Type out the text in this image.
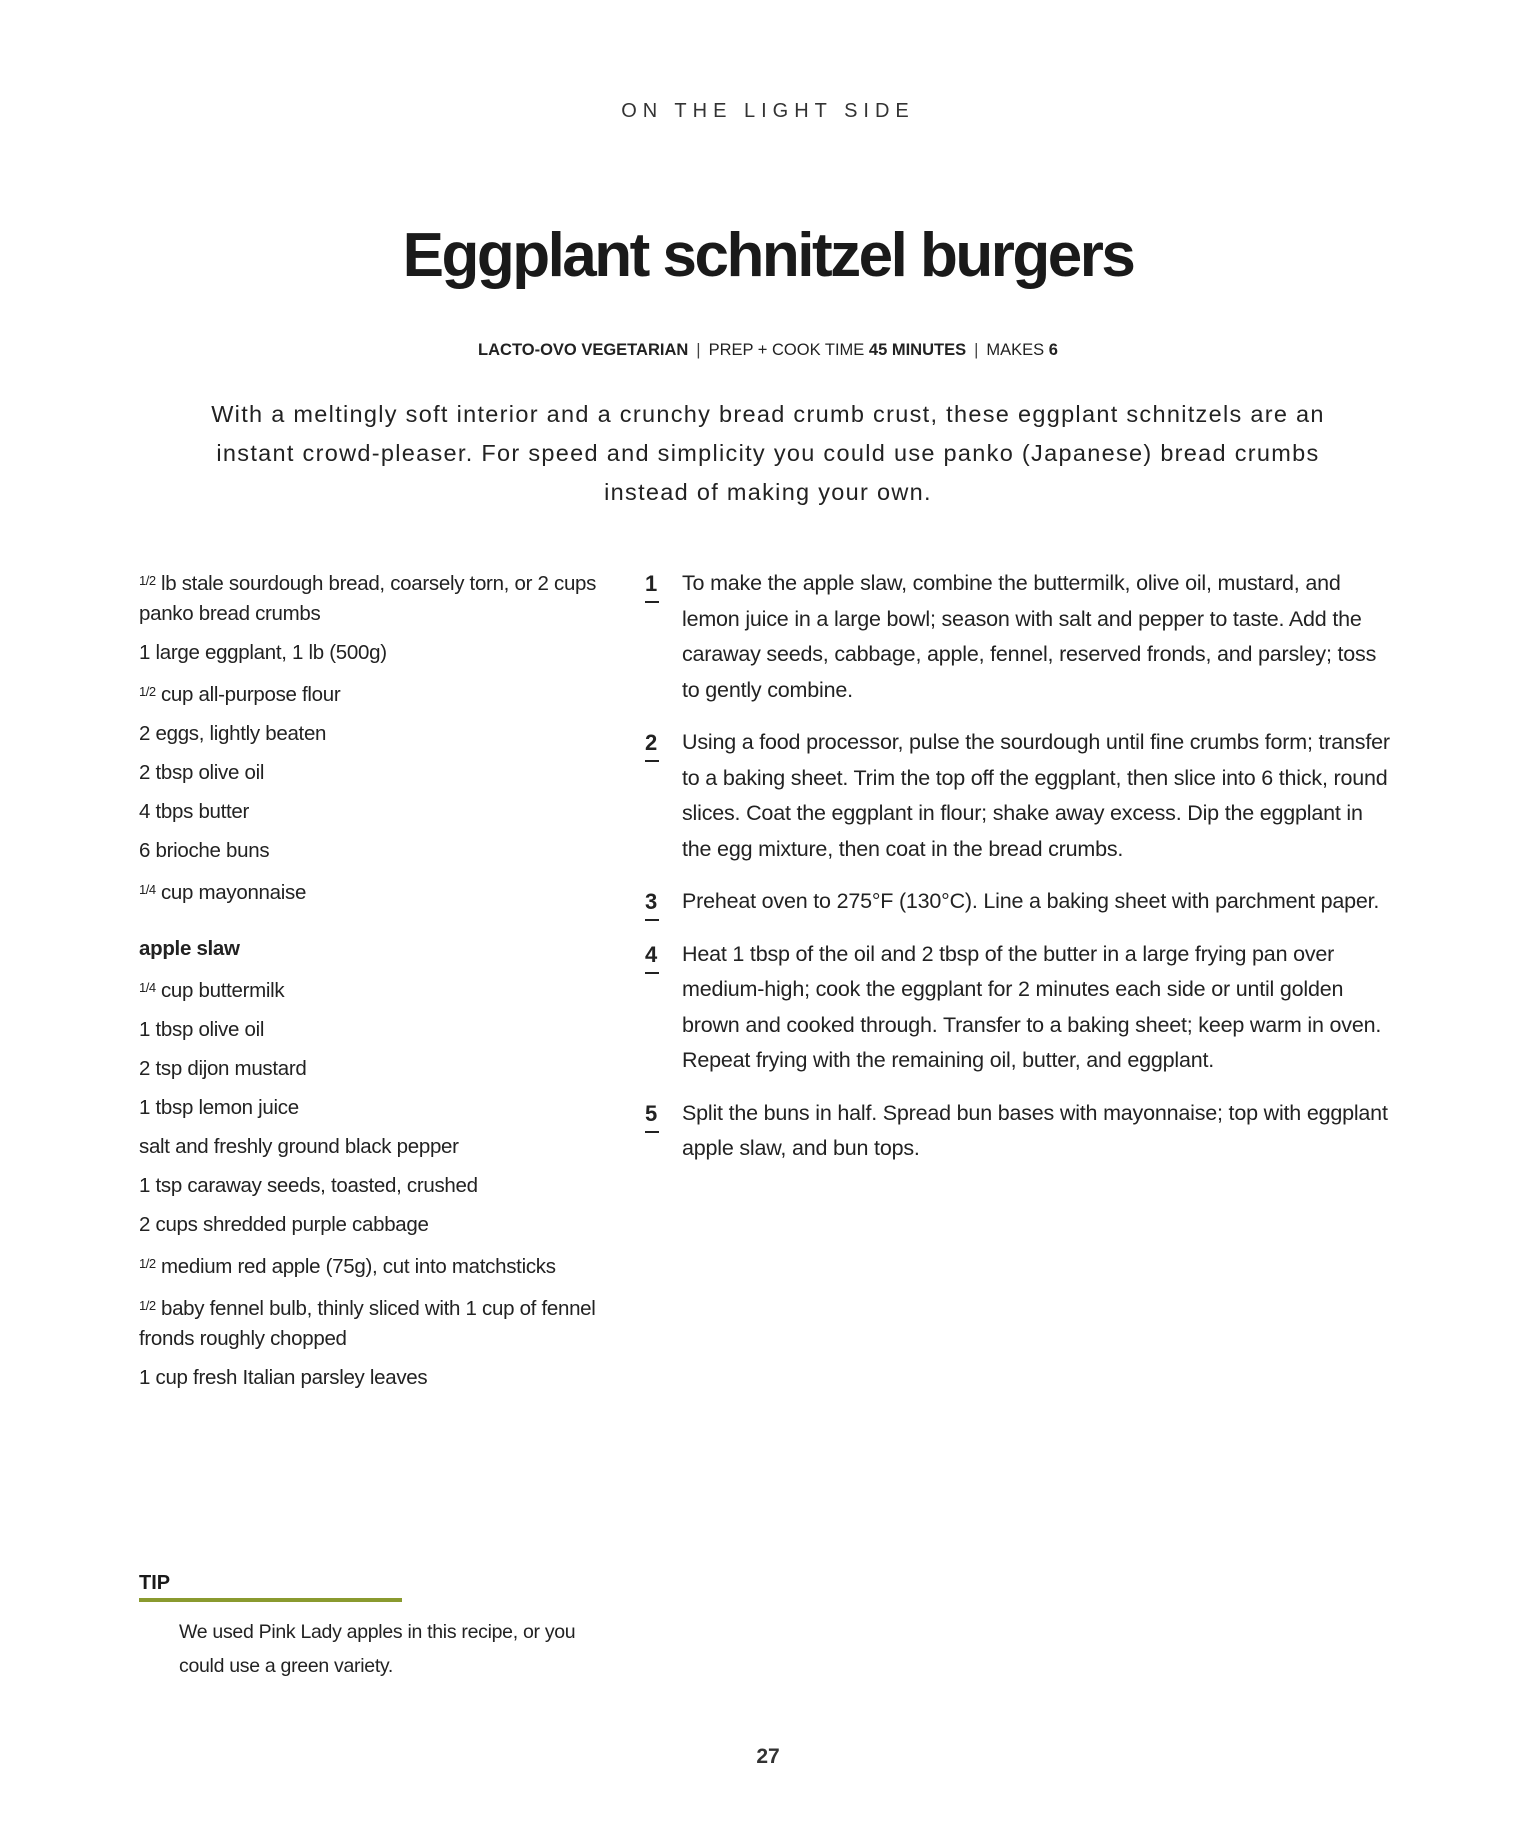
ON THE LIGHT SIDE
Eggplant schnitzel burgers
LACTO-OVO VEGETARIAN | PREP + COOK TIME 45 MINUTES | MAKES 6

With a meltingly soft interior and a crunchy bread crumb crust, these eggplant schnitzels are an instant crowd-pleaser. For speed and simplicity you could use panko (Japanese) bread crumbs instead of making your own.

$^{1/2}$ lb stale sourdough bread, coarsely torn, or 2 cups panko bread crumbs
1 large eggplant, 1 lb (500g)
$^{1/2}$ cup all-purpose flour
2 eggs, lightly beaten
2 tbsp olive oil
4 tbps butter
6 brioche buns
$^{1/4}$ cup mayonnaise
apple slaw
$^{1/4}$ cup buttermilk
1 tbsp olive oil
2 tsp dijon mustard
1 tbsp lemon juice
salt and freshly ground black pepper
1 tsp caraway seeds, toasted, crushed
2 cups shredded purple cabbage
$^{1/2}$ medium red apple (75g), cut into matchsticks
$^{1/2}$ baby fennel bulb, thinly sliced with 1 cup of fennel fronds roughly chopped
1 cup fresh Italian parsley leaves
1 To make the apple slaw, combine the buttermilk, olive oil, mustard, and lemon juice in a large bowl; season with salt and pepper to taste. Add the caraway seeds, cabbage, apple, fennel, reserved fronds, and parsley; toss to gently combine.
2 Using a food processor, pulse the sourdough until fine crumbs form; transfer to a baking sheet. Trim the top off the eggplant, then slice into 6 thick, round slices. Coat the eggplant in flour; shake away excess. Dip the eggplant in the egg mixture, then coat in the bread crumbs.
3 Preheat oven to 275°F (130°C). Line a baking sheet with parchment paper.
4 Heat 1 tbsp of the oil and 2 tbsp of the butter in a large frying pan over medium-high; cook the eggplant for 2 minutes each side or until golden brown and cooked through. Transfer to a baking sheet; keep warm in oven. Repeat frying with the remaining oil, butter, and eggplant.
5 Split the buns in half. Spread bun bases with mayonnaise; top with eggplant apple slaw, and bun tops.
TIP
We used Pink Lady apples in this recipe, or you could use a green variety.
27
